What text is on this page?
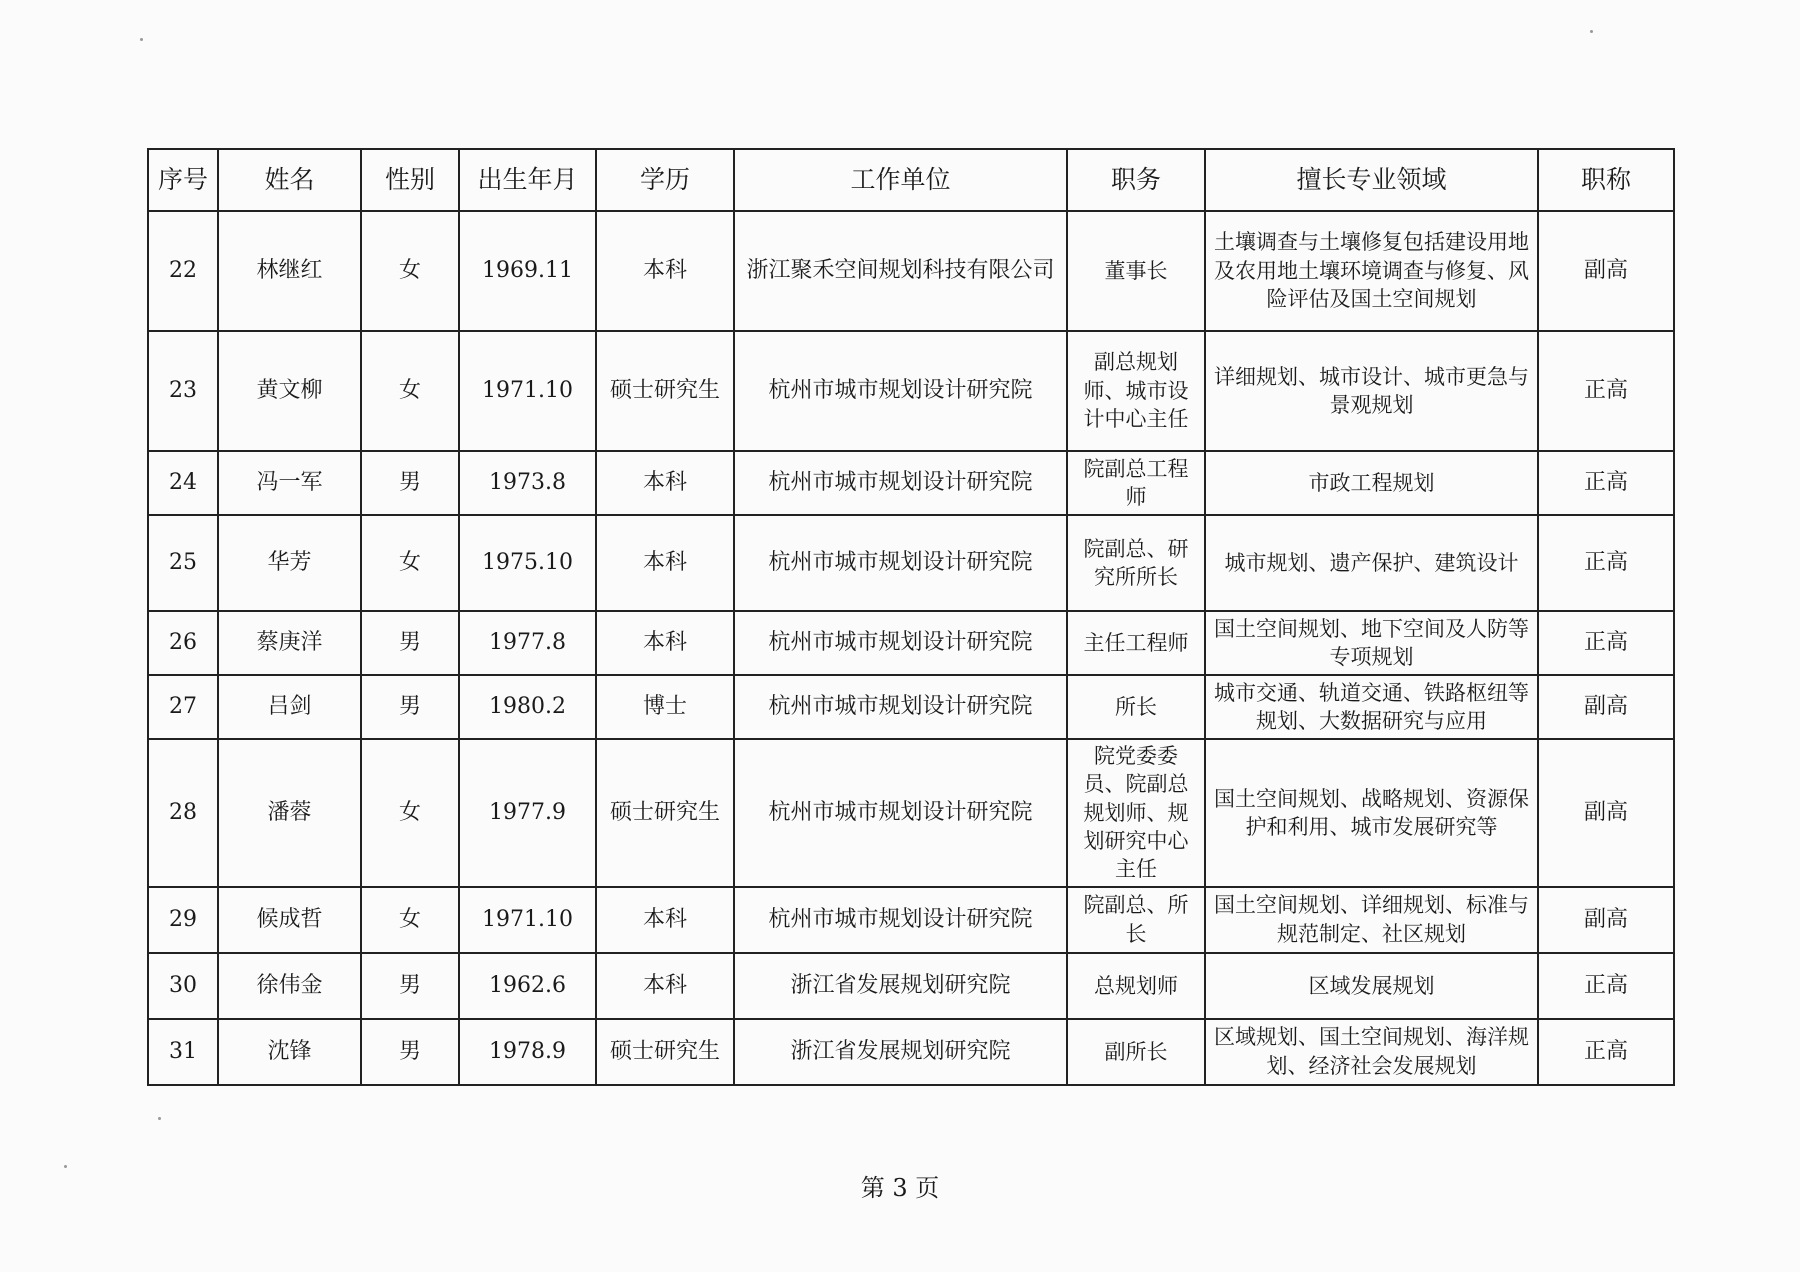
序号	姓名	性别	出生年月	学历	工作单位	职务	擅长专业领域	职称
22	林继红	女	1969.11	本科	浙江聚禾空间规划科技有限公司	董事长	土壤调查与土壤修复包括建设用地及农用地土壤环境调查与修复、风险评估及国土空间规划	副高
23	黄文柳	女	1971.10	硕士研究生	杭州市城市规划设计研究院	副总规划师、城市设计中心主任	详细规划、城市设计、城市更急与景观规划	正高
24	冯一军	男	1973.8	本科	杭州市城市规划设计研究院	院副总工程师	市政工程规划	正高
25	华芳	女	1975.10	本科	杭州市城市规划设计研究院	院副总、研究所所长	城市规划、遗产保护、建筑设计	正高
26	蔡庚洋	男	1977.8	本科	杭州市城市规划设计研究院	主任工程师	国土空间规划、地下空间及人防等专项规划	正高
27	吕剑	男	1980.2	博士	杭州市城市规划设计研究院	所长	城市交通、轨道交通、铁路枢纽等规划、大数据研究与应用	副高
28	潘蓉	女	1977.9	硕士研究生	杭州市城市规划设计研究院	院党委委员、院副总规划师、规划研究中心主任	国土空间规划、战略规划、资源保护和利用、城市发展研究等	副高
29	候成哲	女	1971.10	本科	杭州市城市规划设计研究院	院副总、所长	国土空间规划、详细规划、标准与规范制定、社区规划	副高
30	徐伟金	男	1962.6	本科	浙江省发展规划研究院	总规划师	区域发展规划	正高
31	沈锋	男	1978.9	硕士研究生	浙江省发展规划研究院	副所长	区域规划、国土空间规划、海洋规划、经济社会发展规划	正高
第 3 页
